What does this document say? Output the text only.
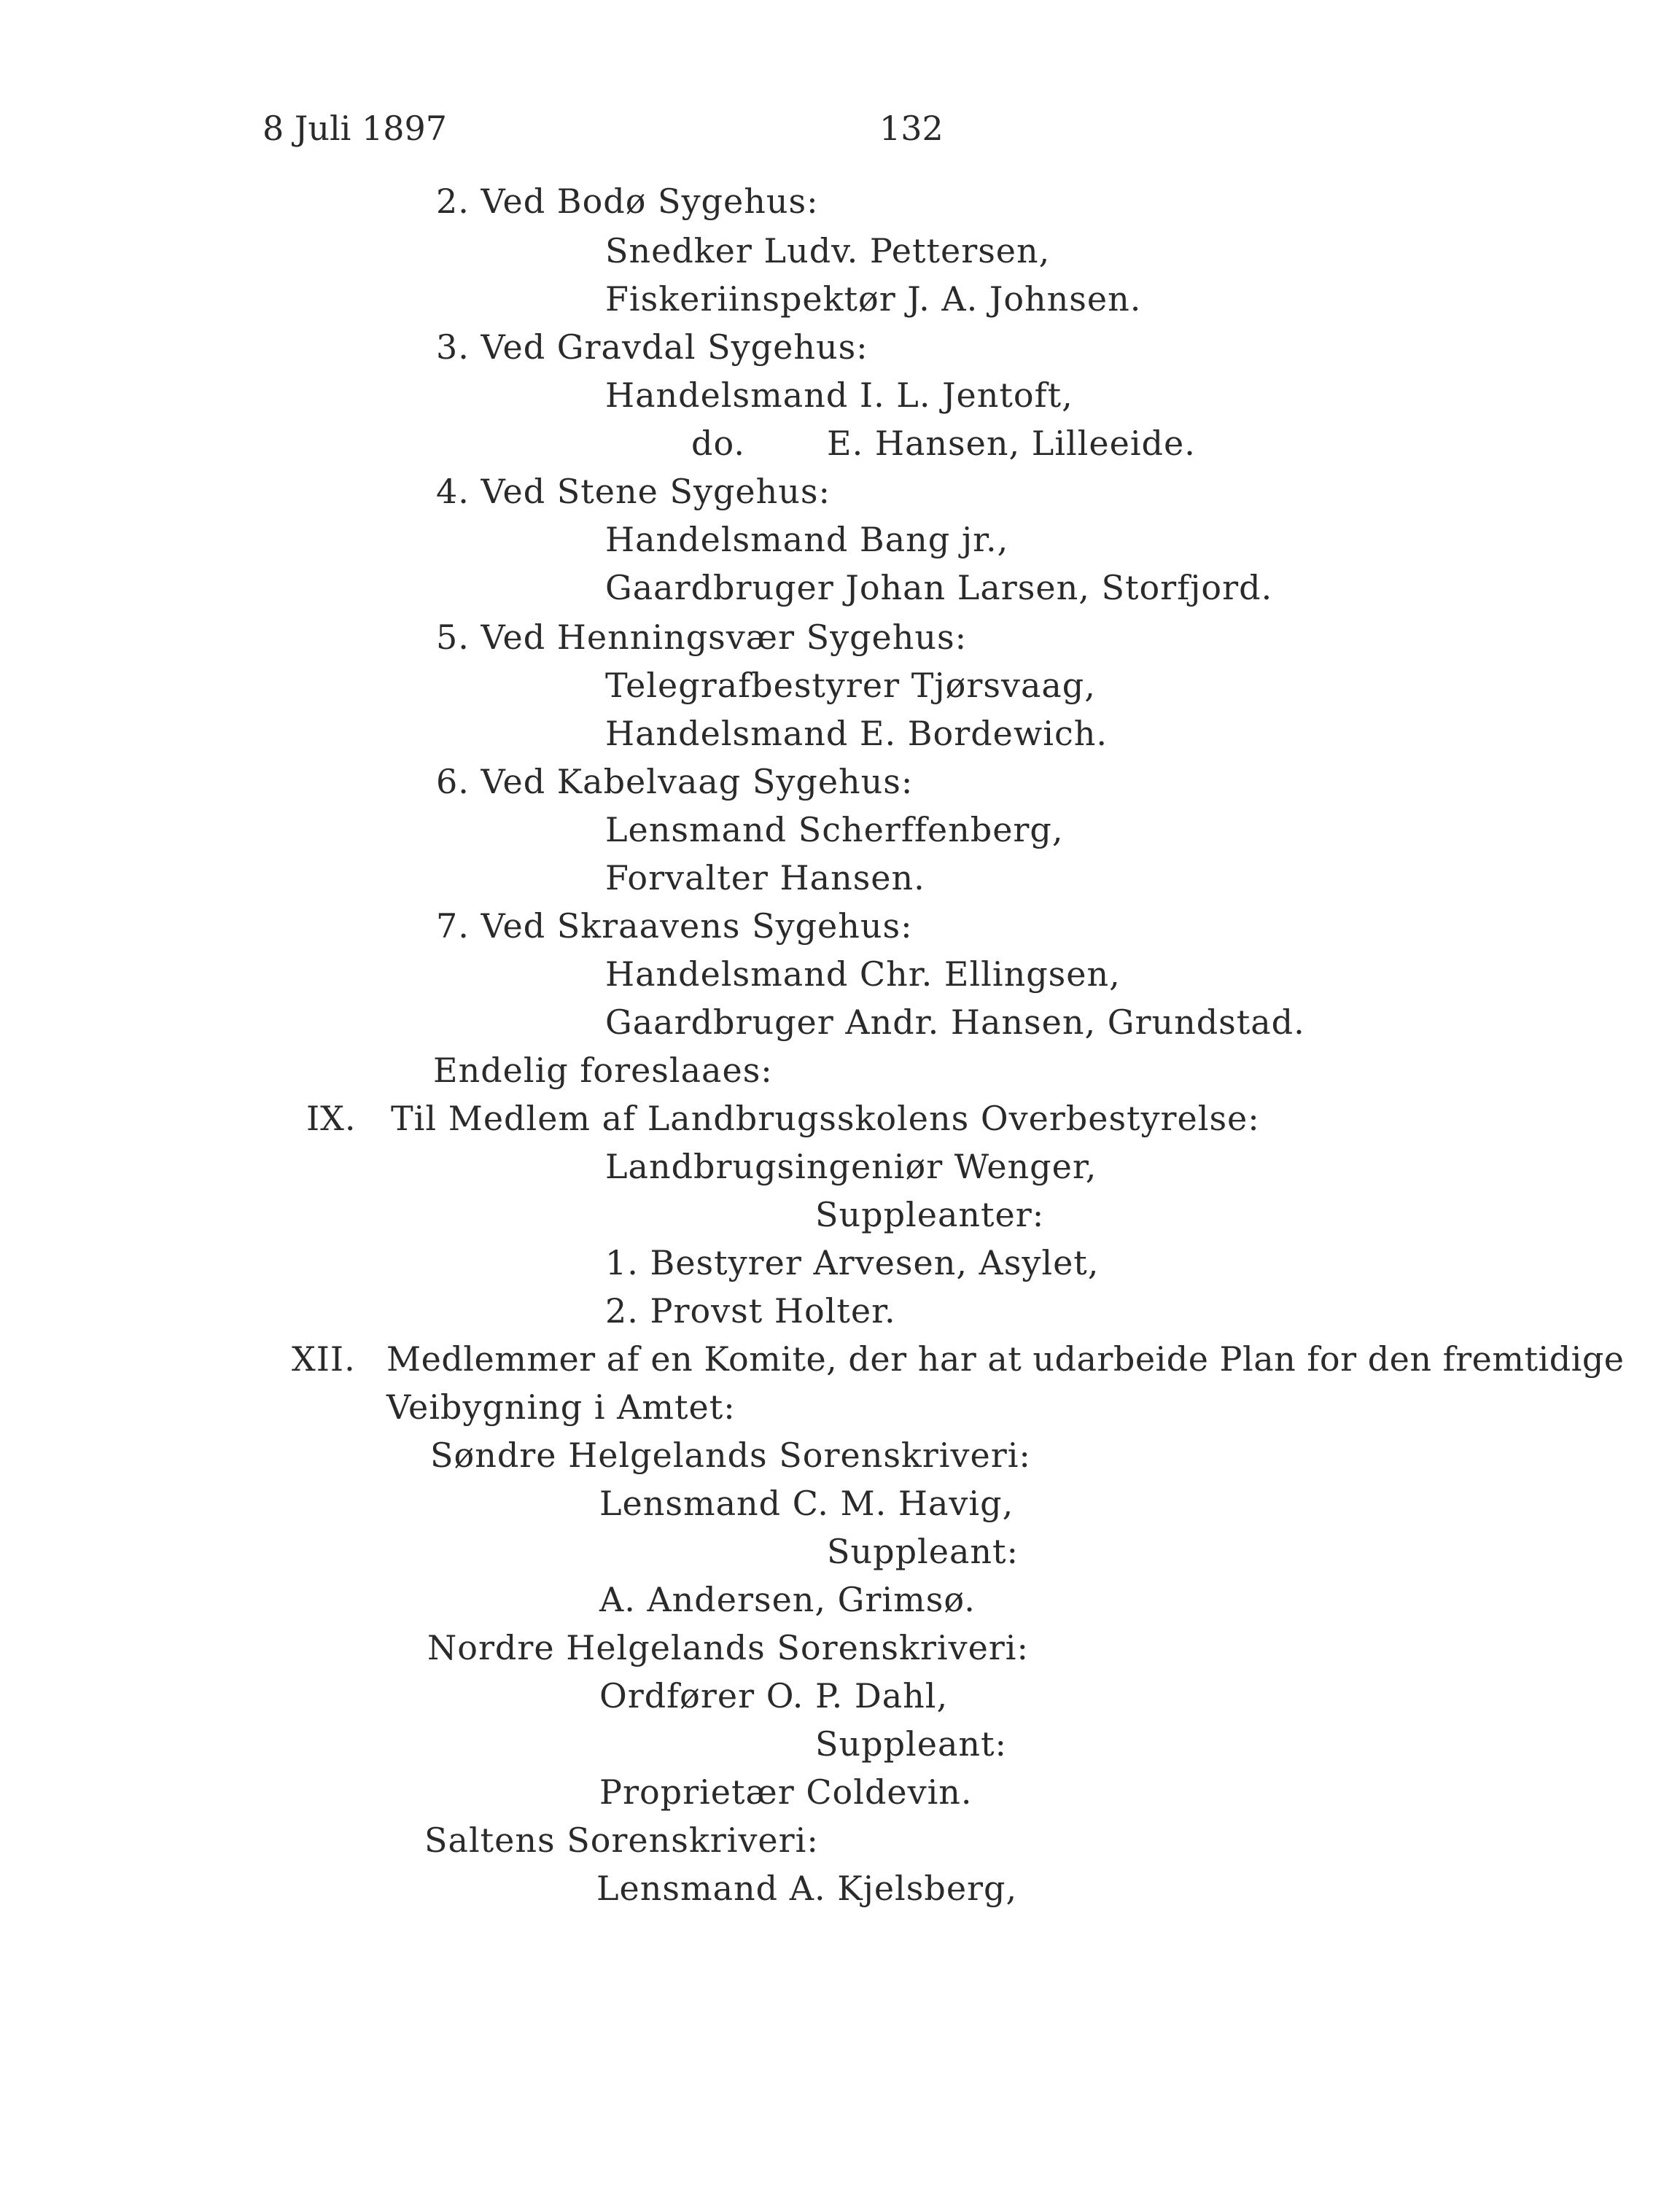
8 Juli 1897	132
2. Ved Bodø Sygehus:
Snedker Ludv. Pettersen,
Fiskeriinspektør J. A. Johnsen.
3. Ved Gravdal Sygehus:
Handelsmand I. L. Jentoft,
do. E. Hansen, Lilleeide.
4. Ved Stene Sygehus:
Handelsmand Bang jr.,
Gaardbruger Johan Larsen, Storfjord.
5. Ved Henningsvær Sygehus:
Telegrafbestyrer Tjørsvaag,
Handelsmand E. Bordewich.
6. Ved Kabelvaag Sygehus:
Lensmand Scherffenberg,
Forvalter Hansen.
7. Ved Skraavens Sygehus:
Handelsmand Chr. Ellingsen,
Gaardbruger Andr. Hansen, Grundstad.
Endelig foreslaaes:
IX. Til Medlem af Landbrugsskolens Overbestyrelse:
Landbrugsingeniør Wenger,
Suppleanter:
1. Bestyrer Arvesen, Asylet,
2. Provst Holter.
XII. Medlemmer af en Komite, der har at udarbeide Plan for den fremtidige
Veibygning i Amtet:
Søndre Helgelands Sorenskriveri:
Lensmand C. M. Havig,
Suppleant:
A. Andersen, Grimsø.
Nordre Helgelands Sorenskriveri:
Ordfører O. P. Dahl,
Suppleant:
Proprietær Coldevin.
Saltens Sorenskriveri:
Lensmand A. Kjelsberg,
